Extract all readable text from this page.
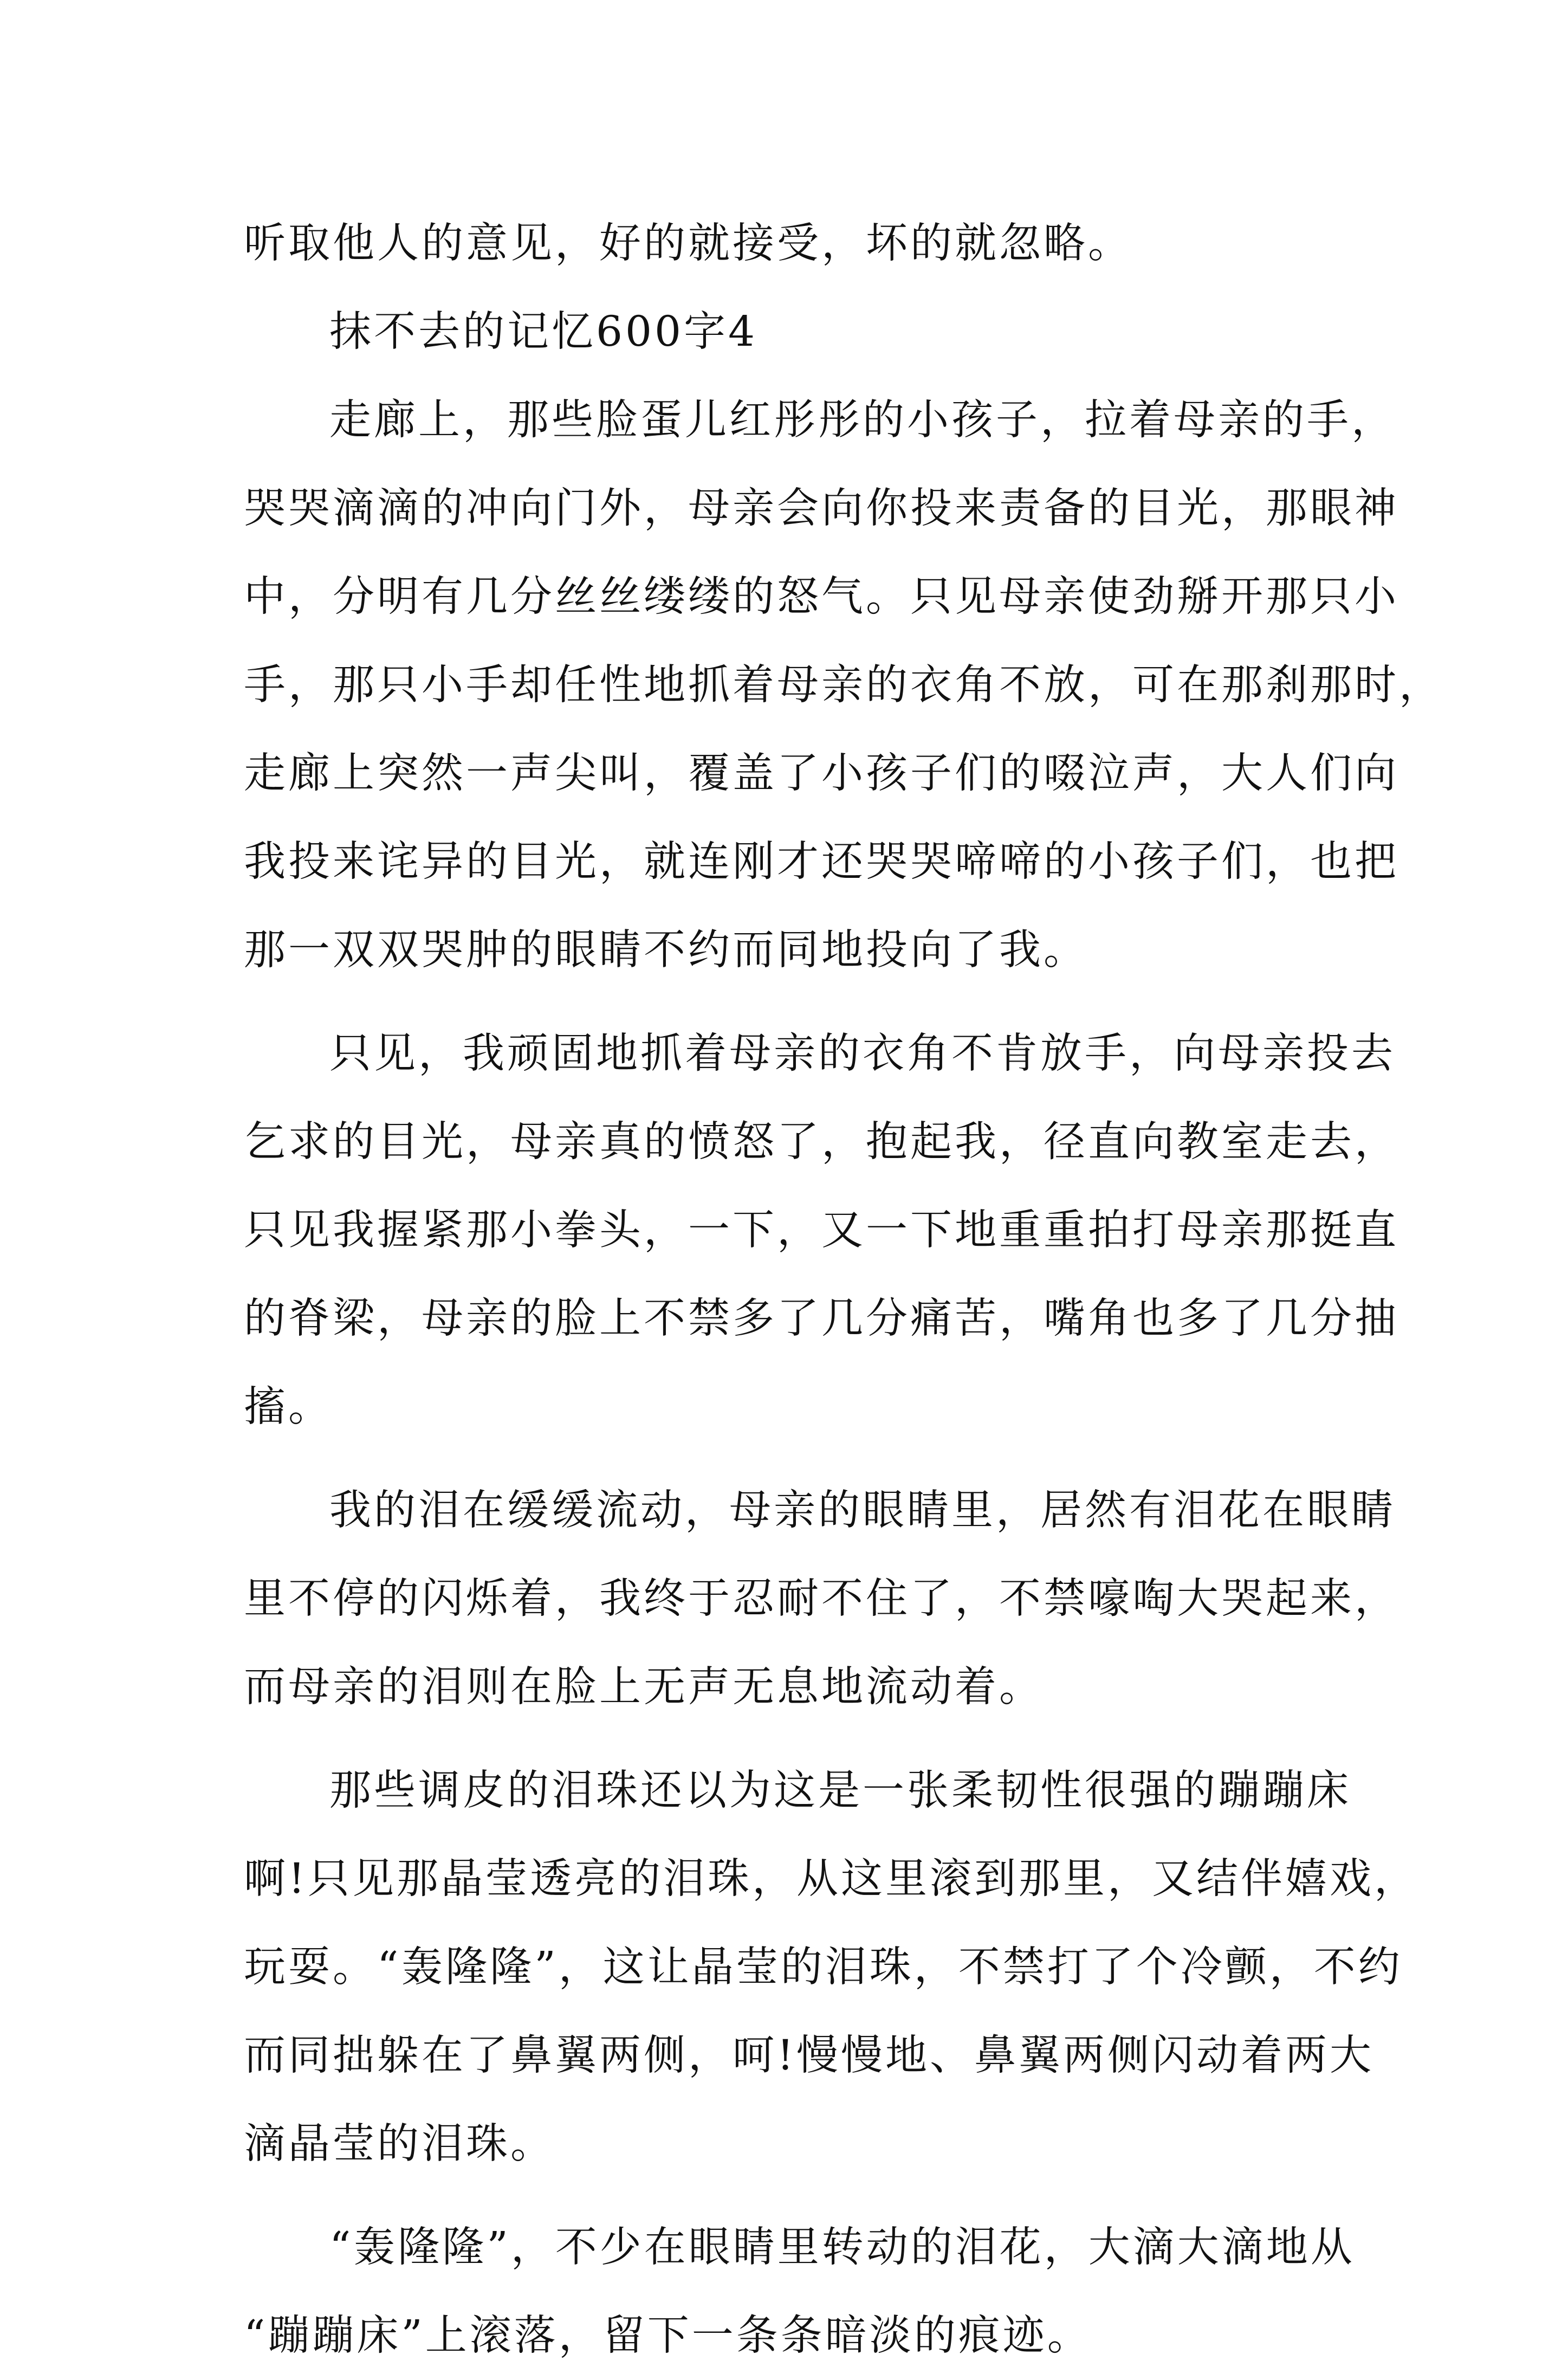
听取他人的意见，好的就接受，坏的就忽略。
抹不去的记忆600字4
走廊上，那些脸蛋儿红彤彤的小孩子，拉着母亲的手，
哭哭滴滴的冲向门外，母亲会向你投来责备的目光，那眼神
中，分明有几分丝丝缕缕的怒气。只见母亲使劲掰开那只小
手，那只小手却任性地抓着母亲的衣角不放，可在那刹那时，
走廊上突然一声尖叫，覆盖了小孩子们的啜泣声，大人们向
我投来诧异的目光，就连刚才还哭哭啼啼的小孩子们，也把
那一双双哭肿的眼睛不约而同地投向了我。
只见，我顽固地抓着母亲的衣角不肯放手，向母亲投去
乞求的目光，母亲真的愤怒了，抱起我，径直向教室走去，
只见我握紧那小拳头，一下，又一下地重重拍打母亲那挺直
的脊梁，母亲的脸上不禁多了几分痛苦，嘴角也多了几分抽
搐。
我的泪在缓缓流动，母亲的眼睛里，居然有泪花在眼睛
里不停的闪烁着，我终于忍耐不住了，不禁嚎啕大哭起来，
而母亲的泪则在脸上无声无息地流动着。
那些调皮的泪珠还以为这是一张柔韧性很强的蹦蹦床
啊!只见那晶莹透亮的泪珠，从这里滚到那里，又结伴嬉戏，
玩耍。“轰隆隆”，这让晶莹的泪珠，不禁打了个冷颤，不约
而同拙躲在了鼻翼两侧，呵!慢慢地、鼻翼两侧闪动着两大
滴晶莹的泪珠。
“轰隆隆”，不少在眼睛里转动的泪花，大滴大滴地从
“蹦蹦床”上滚落，留下一条条暗淡的痕迹。
